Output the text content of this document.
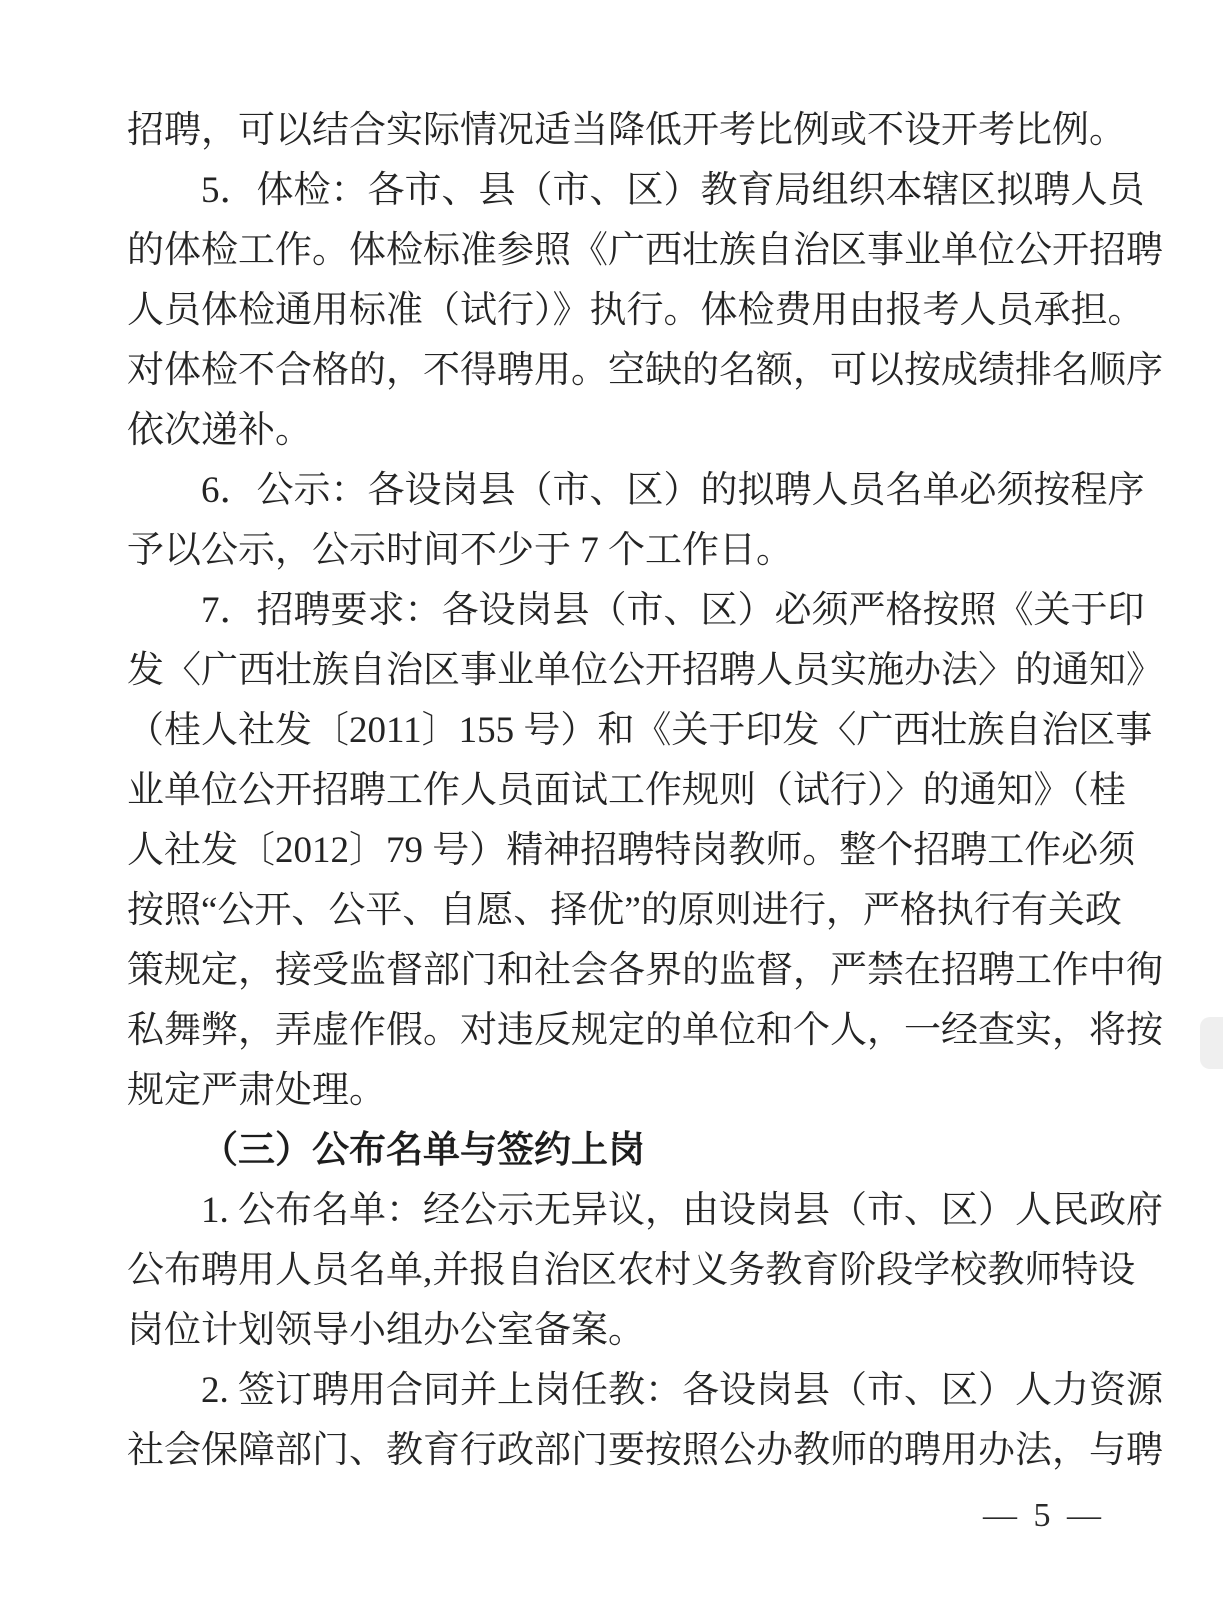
招聘，可以结合实际情况适当降低开考比例或不设开考比例。
5．体检：各市、县（市、区）教育局组织本辖区拟聘人员
的体检工作。体检标准参照《广西壮族自治区事业单位公开招聘
人员体检通用标准（试行）》执行。体检费用由报考人员承担。
对体检不合格的，不得聘用。空缺的名额，可以按成绩排名顺序
依次递补。
6．公示：各设岗县（市、区）的拟聘人员名单必须按程序
予以公示，公示时间不少于 7 个工作日。
7．招聘要求：各设岗县（市、区）必须严格按照《关于印
发〈广西壮族自治区事业单位公开招聘人员实施办法〉的通知》
（桂人社发〔2011〕155 号）和《关于印发〈广西壮族自治区事
业单位公开招聘工作人员面试工作规则（试行）〉的通知》（桂
人社发〔2012〕79 号）精神招聘特岗教师。整个招聘工作必须
按照“公开、公平、自愿、择优”的原则进行，严格执行有关政
策规定，接受监督部门和社会各界的监督，严禁在招聘工作中徇
私舞弊，弄虚作假。对违反规定的单位和个人，一经查实，将按
规定严肃处理。
（三）公布名单与签约上岗
1. 公布名单：经公示无异议，由设岗县（市、区）人民政府
公布聘用人员名单,并报自治区农村义务教育阶段学校教师特设
岗位计划领导小组办公室备案。
2. 签订聘用合同并上岗任教：各设岗县（市、区）人力资源
社会保障部门、教育行政部门要按照公办教师的聘用办法，与聘
— 5 —
